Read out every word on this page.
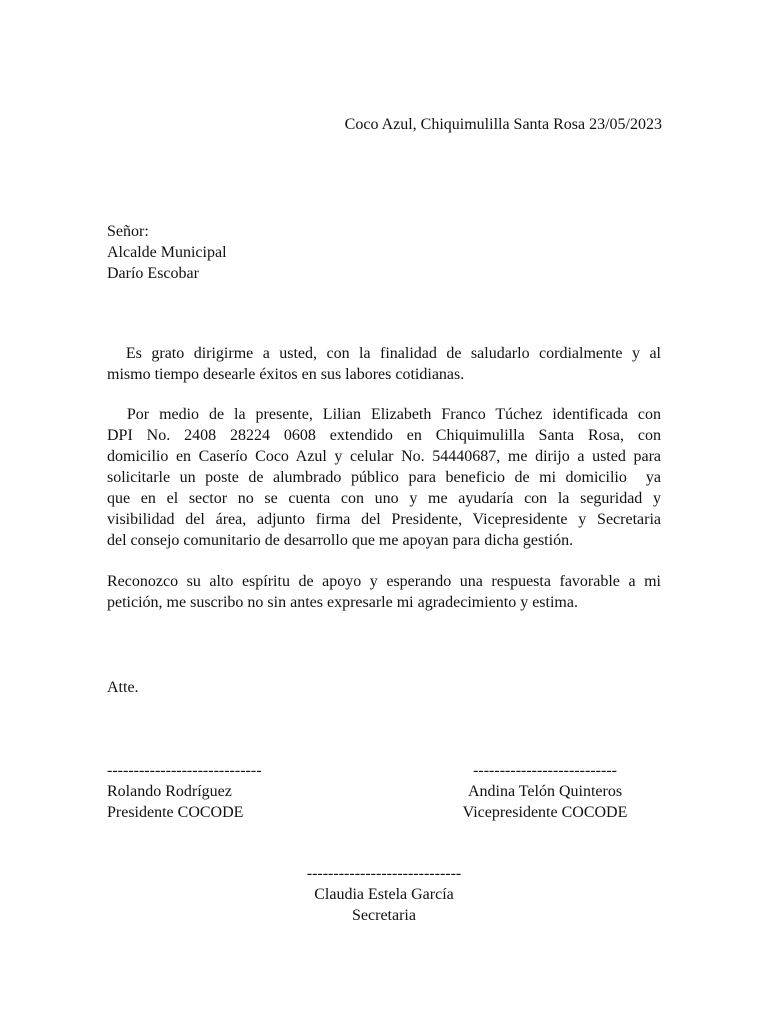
Coco Azul, Chiquimulilla Santa Rosa 23/05/2023
Señor:
Alcalde Municipal
Darío Escobar
Es grato dirigirme a usted, con la finalidad de saludarlo cordialmente y al
mismo tiempo desearle éxitos en sus labores cotidianas.
Por medio de la presente, Lilian Elizabeth Franco Túchez identificada con
DPI No. 2408 28224 0608 extendido en Chiquimulilla Santa Rosa, con
domicilio en Caserío Coco Azul y celular No. 54440687, me dirijo a usted para
solicitarle un poste de alumbrado público para beneficio de mi domicilio  ya
que en el sector no se cuenta con uno y me ayudaría con la seguridad y
visibilidad del área, adjunto firma del Presidente, Vicepresidente y Secretaria
del consejo comunitario de desarrollo que me apoyan para dicha gestión.
Reconozco su alto espíritu de apoyo y esperando una respuesta favorable a mi
petición, me suscribo no sin antes expresarle mi agradecimiento y estima.
Atte.
-----------------------------
Rolando Rodríguez
Presidente COCODE
---------------------------
Andina Telón Quinteros
Vicepresidente COCODE
-----------------------------
Claudia Estela García
Secretaria
